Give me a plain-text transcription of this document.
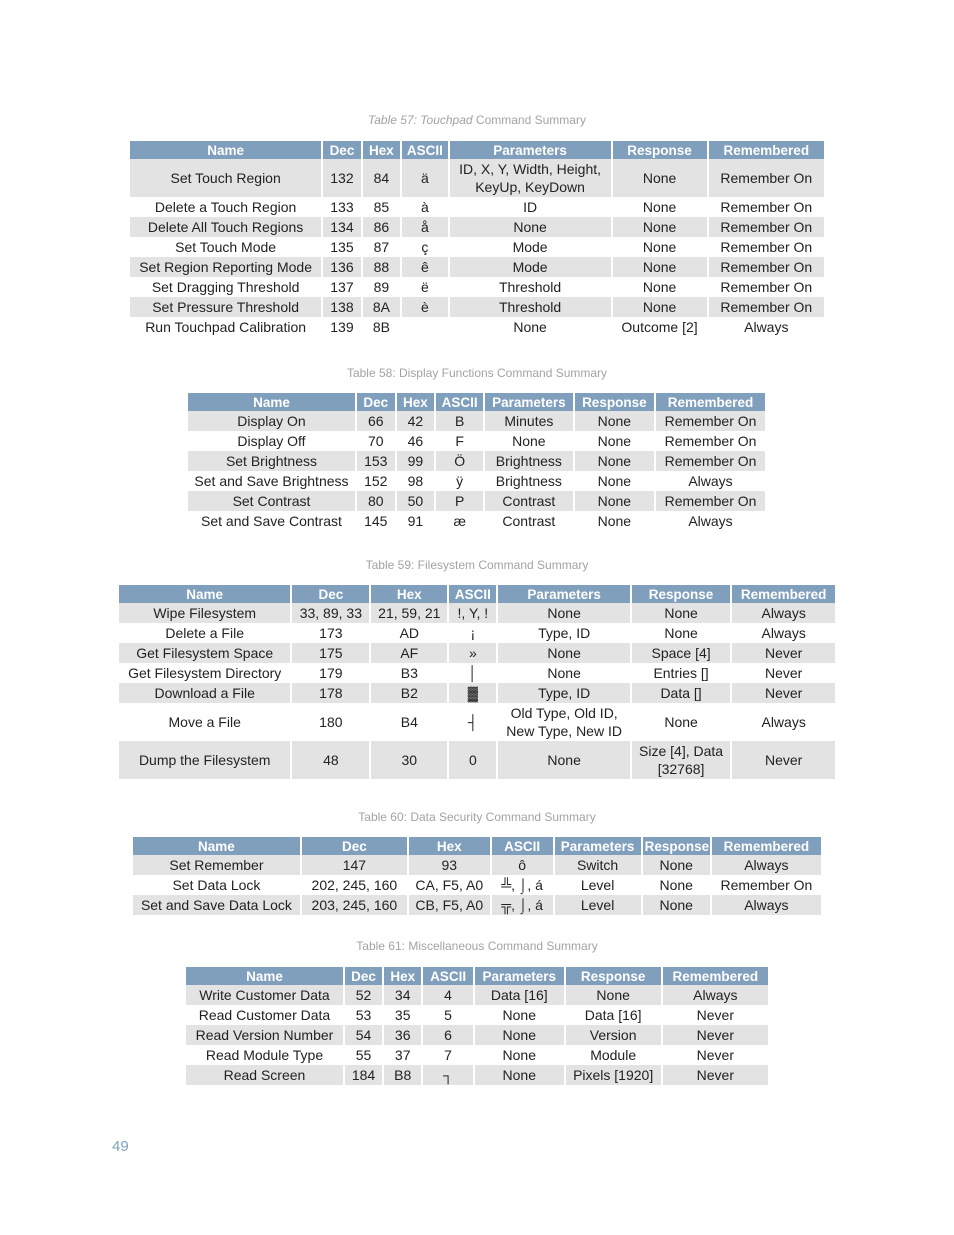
Table 57: Touchpad Command Summary
Name	Dec	Hex	ASCII	Parameters	Response	Remembered
Set Touch Region	132	84	ä	ID, X, Y, Width, Height, KeyUp, KeyDown	None	Remember On
Delete a Touch Region	133	85	à	ID	None	Remember On
Delete All Touch Regions	134	86	å	None	None	Remember On
Set Touch Mode	135	87	ç	Mode	None	Remember On
Set Region Reporting Mode	136	88	ê	Mode	None	Remember On
Set Dragging Threshold	137	89	ë	Threshold	None	Remember On
Set Pressure Threshold	138	8A	è	Threshold	None	Remember On
Run Touchpad Calibration	139	8B		None	Outcome [2]	Always
Table 58: Display Functions Command Summary
Name	Dec	Hex	ASCII	Parameters	Response	Remembered
Display On	66	42	B	Minutes	None	Remember On
Display Off	70	46	F	None	None	Remember On
Set Brightness	153	99	Ö	Brightness	None	Remember On
Set and Save Brightness	152	98	ÿ	Brightness	None	Always
Set Contrast	80	50	P	Contrast	None	Remember On
Set and Save Contrast	145	91	æ	Contrast	None	Always
Table 59: Filesystem Command Summary
Name	Dec	Hex	ASCII	Parameters	Response	Remembered
Wipe Filesystem	33, 89, 33	21, 59, 21	!, Y, !	None	None	Always
Delete a File	173	AD	¡	Type, ID	None	Always
Get Filesystem Space	175	AF	»	None	Space [4]	Never
Get Filesystem Directory	179	B3	│	None	Entries []	Never
Download a File	178	B2	▓	Type, ID	Data []	Never
Move a File	180	B4	┤	Old Type, Old ID, New Type, New ID	None	Always
Dump the Filesystem	48	30	0	None	Size [4], Data [32768]	Never
Table 60: Data Security Command Summary
Name	Dec	Hex	ASCII	Parameters	Response	Remembered
Set Remember	147	93	ô	Switch	None	Always
Set Data Lock	202, 245, 160	CA, F5, A0	╩, ⌡, á	Level	None	Remember On
Set and Save Data Lock	203, 245, 160	CB, F5, A0	╦, ⌡, á	Level	None	Always
Table 61: Miscellaneous Command Summary
Name	Dec	Hex	ASCII	Parameters	Response	Remembered
Write Customer Data	52	34	4	Data [16]	None	Always
Read Customer Data	53	35	5	None	Data [16]	Never
Read Version Number	54	36	6	None	Version	Never
Read Module Type	55	37	7	None	Module	Never
Read Screen	184	B8	┐	None	Pixels [1920]	Never
49
